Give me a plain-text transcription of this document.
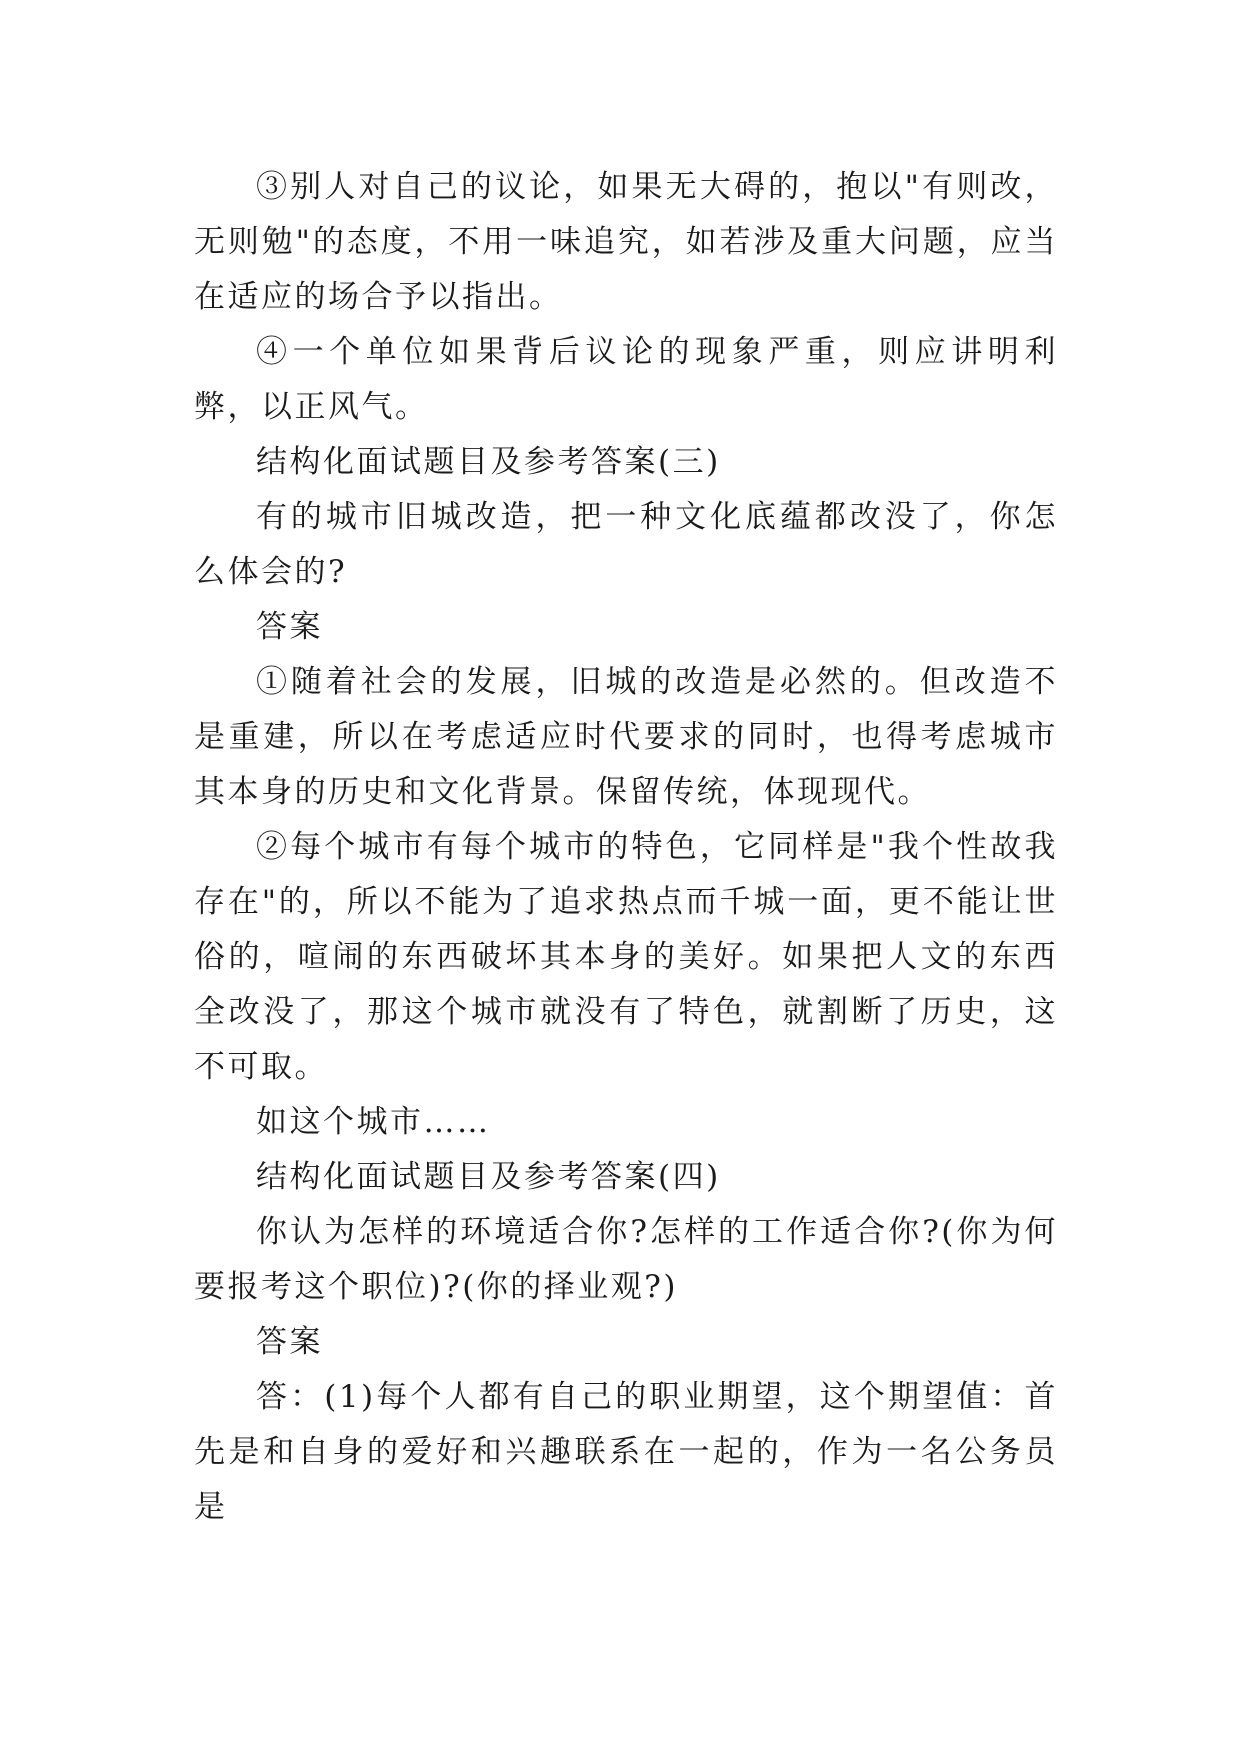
③别人对自己的议论，如果无大碍的，抱以"有则改，无则勉"的态度，不用一味追究，如若涉及重大问题，应当在适应的场合予以指出。

④一个单位如果背后议论的现象严重，则应讲明利弊，以正风气。

结构化面试题目及参考答案(三)

有的城市旧城改造，把一种文化底蕴都改没了，你怎么体会的?

答案

①随着社会的发展，旧城的改造是必然的。但改造不是重建，所以在考虑适应时代要求的同时，也得考虑城市其本身的历史和文化背景。保留传统，体现现代。

②每个城市有每个城市的特色，它同样是"我个性故我存在"的，所以不能为了追求热点而千城一面，更不能让世俗的，喧闹的东西破坏其本身的美好。如果把人文的东西全改没了，那这个城市就没有了特色，就割断了历史，这不可取。

如这个城市……

结构化面试题目及参考答案(四)

你认为怎样的环境适合你?怎样的工作适合你?(你为何要报考这个职位)?(你的择业观?)

答案

答：(1)每个人都有自己的职业期望，这个期望值：首先是和自身的爱好和兴趣联系在一起的，作为一名公务员是
